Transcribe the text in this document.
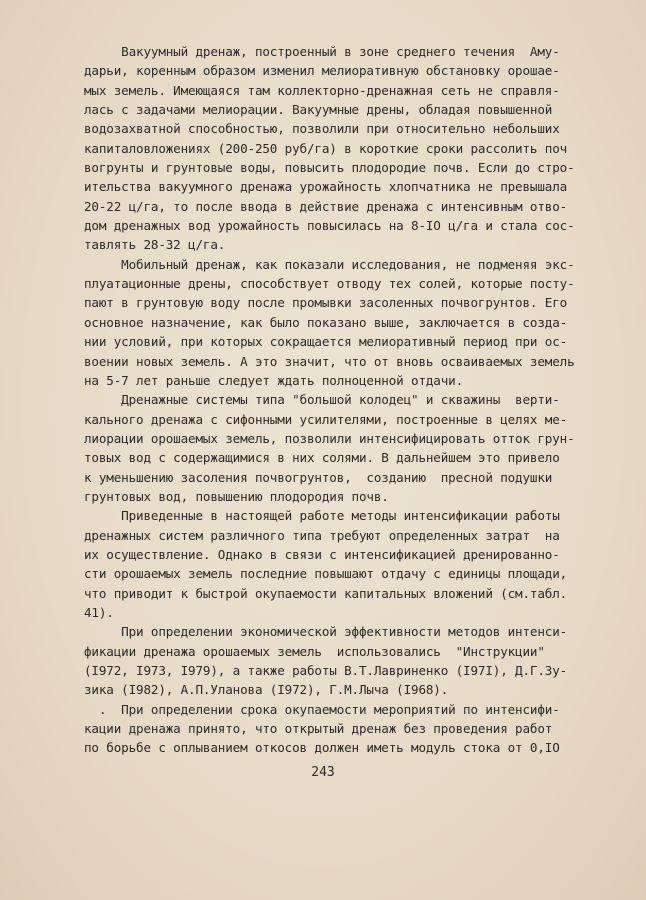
Вакуумный дренаж, построенный в зоне среднего течения  Аму-
дарьи, коренным образом изменил мелиоративную обстановку орошае-
мых земель. Имеющаяся там коллекторно-дренажная сеть не справля-
лась с задачами мелиорации. Вакуумные дрены, обладая повышенной
водозахватной способностью, позволили при относительно небольших
капиталовложениях (200-250 руб/га) в короткие сроки рассолить поч
вогрунты и грунтовые воды, повысить плодородие почв. Если до стро-
ительства вакуумного дренажа урожайность хлопчатника не превышала
20-22 ц/га, то после ввода в действие дренажа с интенсивным отво-
дом дренажных вод урожайность повысилась на 8-IO ц/га и стала сос-
тавлять 28-32 ц/га.
Мобильный дренаж, как показали исследования, не подменяя экс-
плуатационные дрены, способствует отводу тех солей, которые посту-
пают в грунтовую воду после промывки засоленных почвогрунтов. Его
основное назначение, как было показано выше, заключается в созда-
нии условий, при которых сокращается мелиоративный период при ос-
воении новых земель. А это значит, что от вновь осваиваемых земель
на 5-7 лет раньше следует ждать полноценной отдачи.
Дренажные системы типа "большой колодец" и скважины  верти-
кального дренажа с сифонными усилителями, построенные в целях ме-
лиорации орошаемых земель, позволили интенсифицировать отток грун-
товых вод с содержащимися в них солями. В дальнейшем это привело
к уменьшению засоления почвогрунтов,  созданию  пресной подушки
грунтовых вод, повышению плодородия почв.
Приведенные в настоящей работе методы интенсификации работы
дренажных систем различного типа требуют определенных затрат  на
их осуществление. Однако в связи с интенсификацией дренированно-
сти орошаемых земель последние повышают отдачу с единицы площади,
что приводит к быстрой окупаемости капитальных вложений (см.табл.
41).
При определении экономической эффективности методов интенси-
фикации дренажа орошаемых земель  использовались  "Инструкции"
(I972, I973, I979), а также работы В.Т.Лавриненко (I97I), Д.Г.Зу-
зика (I982), А.П.Уланова (I972), Г.М.Лыча (I968).
.  При определении срока окупаемости мероприятий по интенсифи-
кации дренажа принято, что открытый дренаж без проведения работ
по борьбе с оплыванием откосов должен иметь модуль стока от 0,IO
243
